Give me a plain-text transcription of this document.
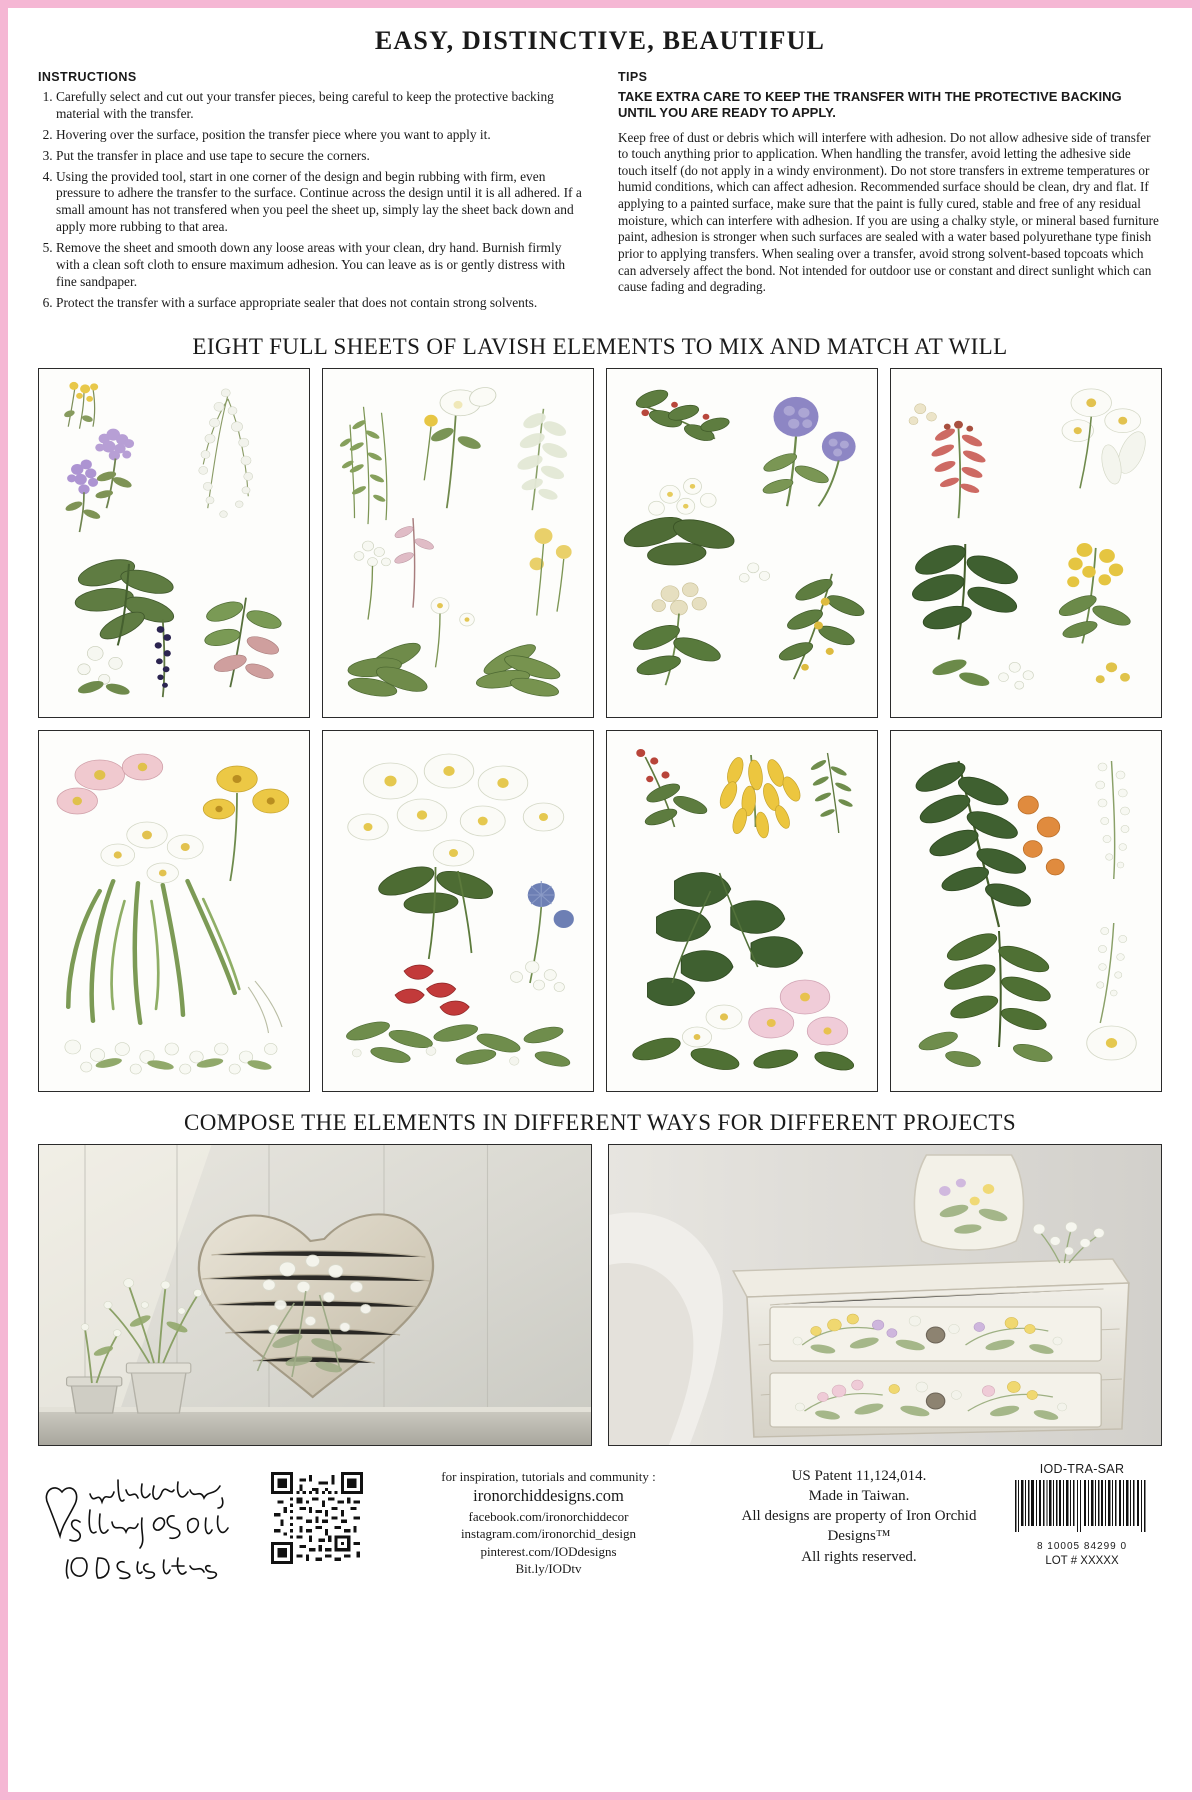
EASY, DISTINCTIVE, BEAUTIFUL
INSTRUCTIONS
1. Carefully select and cut out your transfer pieces, being careful to keep the protective backing material with the transfer.
2. Hovering over the surface, position the transfer piece where you want to apply it.
3. Put the transfer in place and use tape to secure the corners.
4. Using the provided tool, start in one corner of the design and begin rubbing with firm, even pressure to adhere the transfer to the surface. Continue across the design until it is all adhered. If a small amount has not transfered when you peel the sheet up, simply lay the sheet back down and apply more rubbing to that area.
5. Remove the sheet and smooth down any loose areas with your clean, dry hand. Burnish firmly with a clean soft cloth to ensure maximum adhesion. You can leave as is or gently distress with fine sandpaper.
6. Protect the transfer with a surface appropriate sealer that does not contain strong solvents.
TIPS

TAKE EXTRA CARE TO KEEP THE TRANSFER WITH THE PROTECTIVE BACKING UNTIL YOU ARE READY TO APPLY.

Keep free of dust or debris which will interfere with adhesion. Do not allow adhesive side of transfer to touch anything prior to application. When handling the transfer, avoid letting the adhesive side touch itself (do not apply in a windy environment). Do not store transfers in extreme temperatures or humid conditions, which can affect adhesion. Recommended surface should be clean, dry and flat. If applying to a painted surface, make sure that the paint is fully cured, stable and free of any residual moisture, which can interfere with adhesion. If you are using a chalky style, or mineral based furniture paint, adhesion is stronger when such surfaces are sealed with a water based polyurethane type finish prior to applying transfers. When sealing over a transfer, avoid strong solvent-based topcoats which can adversely affect the bond. Not intended for outdoor use or constant and direct sunlight which can cause fading and degrading.

EIGHT FULL SHEETS OF LAVISH ELEMENTS TO MIX AND MATCH AT WILL
COMPOSE THE ELEMENTS IN DIFFERENT WAYS FOR DIFFERENT PROJECTS
for inspiration, tutorials and community :
ironorchiddesigns.com
facebook.com/ironorchiddecor
instagram.com/ironorchid_design
pinterest.com/IODdesigns
Bit.ly/IODtv
US Patent 11,124,014.
Made in Taiwan.
All designs are property of Iron Orchid Designs™
All rights reserved.
IOD-TRA-SAR
8 10005 84299 0
LOT # XXXXX
